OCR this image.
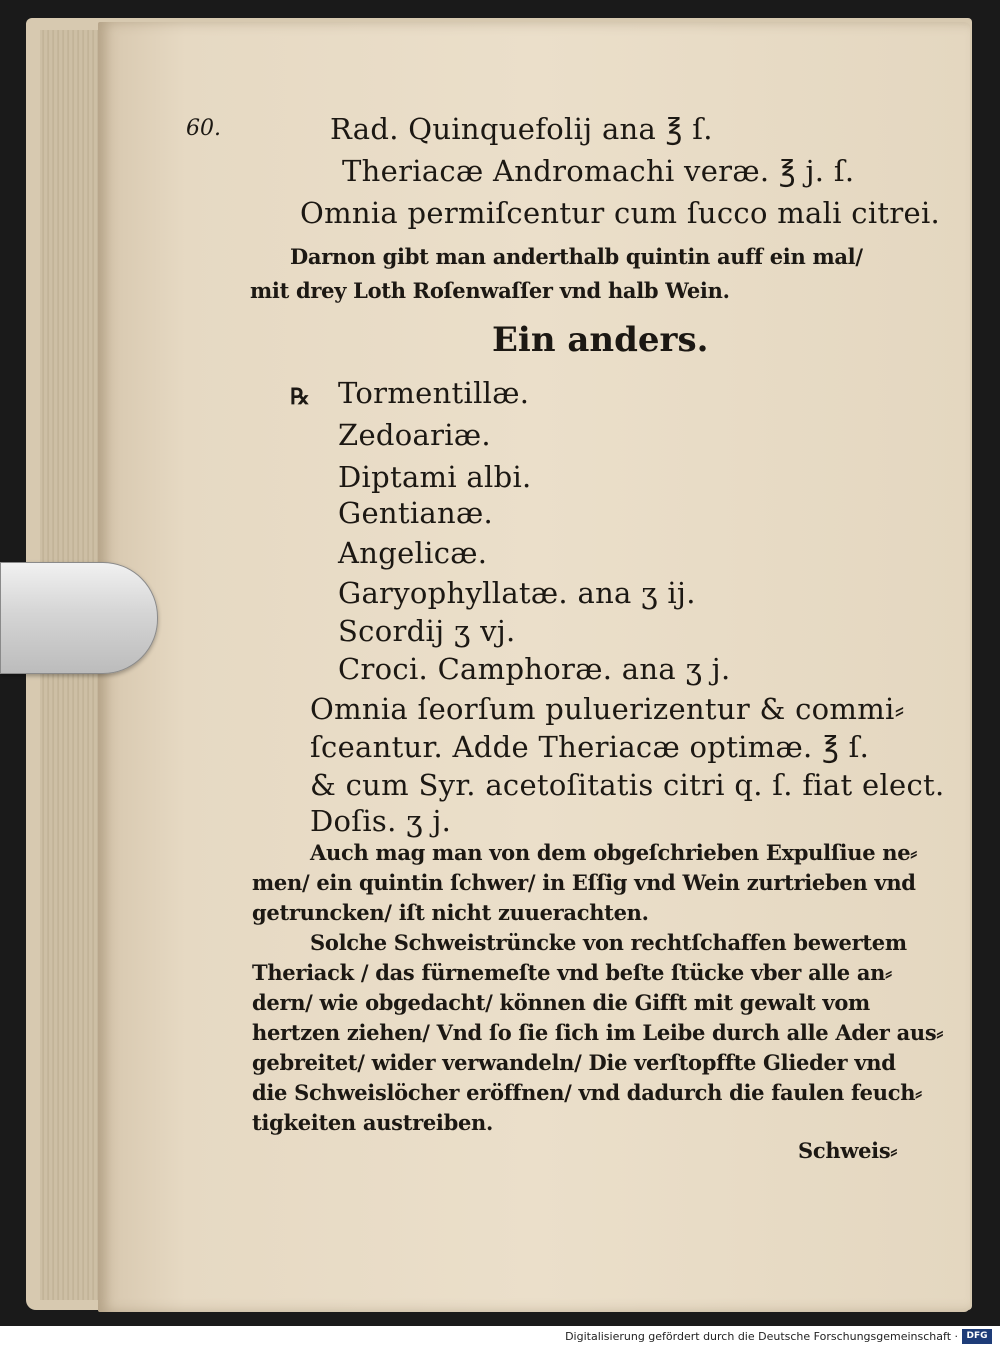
60.	Rad. Quinquefolij ana ℥ ſ.
Theriacæ Andromachi veræ. ℥ j. ſ.
Omnia permiſcentur cum ſucco mali citrei.
Darnon gibt man anderthalb quintin auff ein mal/
mit drey Loth Roſenwaſſer vnd halb Wein.
Ein anders.
℞ Tormentillæ.
Zedoariæ.
Diptami albi.
Gentianæ.
Angelicæ.
Garyophyllatæ. ana ʒ ij.
Scordij ʒ vj.
Croci. Camphoræ. ana ʒ j.
Omnia ſeorſum puluerizentur & commi⸗
ſceantur. Adde Theriacæ optimæ. ℥ ſ.
& cum Syr. acetoſitatis citri q. ſ. fiat elect.
Doſis. ʒ j.
Auch mag man von dem obgeſchrieben Expulſiue ne⸗
men/ ein quintin ſchwer/ in Eſſig vnd Wein zurtrieben vnd
getruncken/ iſt nicht zuuerachten.
Solche Schweistrüncke von rechtſchaffen bewertem
Theriack / das fürnemeſte vnd beſte ſtücke vber alle an⸗
dern/ wie obgedacht/ können die Gifft mit gewalt vom
hertzen ziehen/ Vnd ſo ſie ſich im Leibe durch alle Ader aus⸗
gebreitet/ wider verwandeln/ Die verſtopffte Glieder vnd
die Schweislöcher eröffnen/ vnd dadurch die faulen feuch⸗
tigkeiten austreiben.
Schweis⸗
Digitalisierung gefördert durch die Deutsche Forschungsgemeinschaft · DFG
